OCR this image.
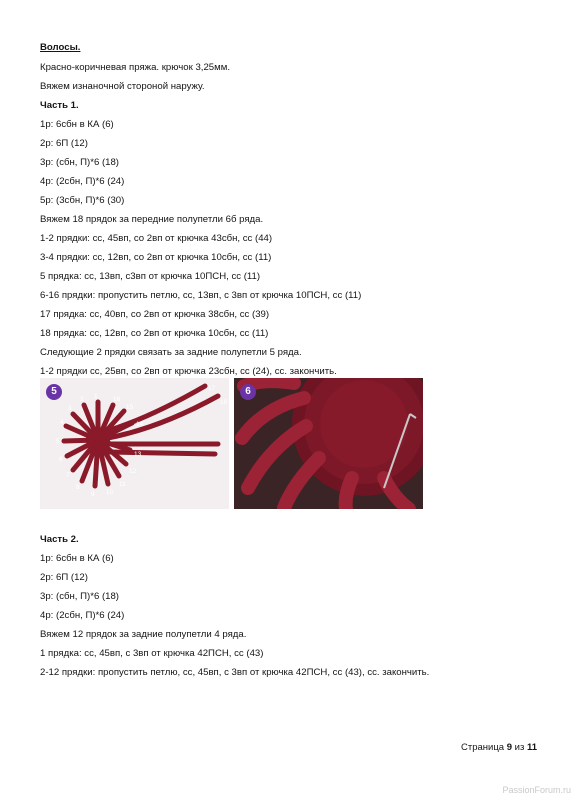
Волосы.
Красно-коричневая пряжа. крючок 3,25мм.
Вяжем изнаночной стороной наружу.
Часть 1.
1р: 6сбн в КА (6)
2р: 6П (12)
3р: (сбн, П)*6 (18)
4р: (2сбн, П)*6 (24)
5р: (3сбн, П)*6 (30)
Вяжем 18 прядок за передние полупетли 6б ряда.
1-2 прядки: сс, 45вп, со 2вп от крючка 43сбн, сс (44)
3-4 прядки: сс, 12вп, со 2вп от крючка 10сбн, сс (11)
5 прядка: сс, 13вп, с3вп от крючка 10ПСН, сс (11)
6-16 прядки: пропустить петлю, сс, 13вп, с 3вп от крючка 10ПСН, сс (11)
17 прядка: сс, 40вп, со 2вп от крючка 38сбн, сс (39)
18 прядка: сс, 12вп, со 2вп от крючка 10сбн, сс (11)
Следующие 2 прядки связать за задние полупетли 5 ряда.
1-2 прядки сс, 25вп, со 2вп от крючка 23сбн, сс (24), сс. закончить.
1
2
3
4
5
6
7
8
9 10
11
12
13
14
15
16
17
18
5	6
Часть 2.
1р: 6сбн в КА (6)
2р: 6П (12)
3р: (сбн, П)*6 (18)
4р: (2сбн, П)*6 (24)
Вяжем 12 прядок за задние полупетли 4 ряда.
1 прядка: сс, 45вп, с 3вп от крючка 42ПСН, сс (43)
2-12 прядки: пропустить петлю, сс, 45вп, с 3вп от крючка 42ПСН, сс (43), сс. закончить.
Страница 9 из 11
PassionForum.ru
